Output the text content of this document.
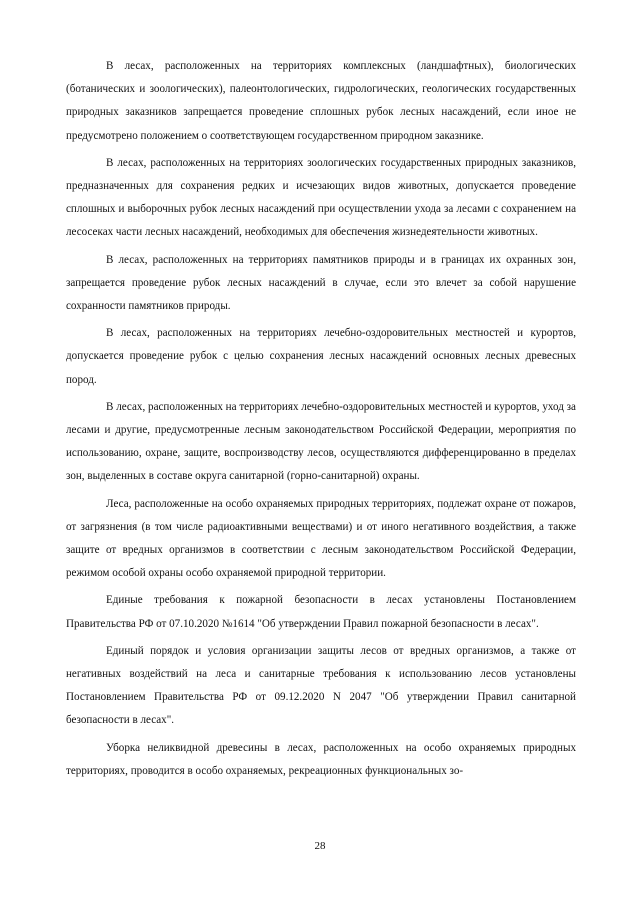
В лесах, расположенных на территориях комплексных (ландшафтных), биологических (ботанических и зоологических), палеонтологических, гидрологических, геологических государственных природных заказников запрещается проведение сплошных рубок лесных насаждений, если иное не предусмотрено положением о соответствующем государственном природном заказнике.

В лесах, расположенных на территориях зоологических государственных природных заказников, предназначенных для сохранения редких и исчезающих видов животных, допускается проведение сплошных и выборочных рубок лесных насаждений при осуществлении ухода за лесами с сохранением на лесосеках части лесных насаждений, необходимых для обеспечения жизнедеятельности животных.

В лесах, расположенных на территориях памятников природы и в границах их охранных зон, запрещается проведение рубок лесных насаждений в случае, если это влечет за собой нарушение сохранности памятников природы.

В лесах, расположенных на территориях лечебно-оздоровительных местностей и курортов, допускается проведение рубок с целью сохранения лесных насаждений основных лесных древесных пород.

В лесах, расположенных на территориях лечебно-оздоровительных местностей и курортов, уход за лесами и другие, предусмотренные лесным законодательством Российской Федерации, мероприятия по использованию, охране, защите, воспроизводству лесов, осуществляются дифференцированно в пределах зон, выделенных в составе округа санитарной (горно-санитарной) охраны.

Леса, расположенные на особо охраняемых природных территориях, подлежат охране от пожаров, от загрязнения (в том числе радиоактивными веществами) и от иного негативного воздействия, а также защите от вредных организмов в соответствии с лесным законодательством Российской Федерации, режимом особой охраны особо охраняемой природной территории.

Единые требования к пожарной безопасности в лесах установлены Постановлением Правительства РФ от 07.10.2020 №1614 "Об утверждении Правил пожарной безопасности в лесах".

Единый порядок и условия организации защиты лесов от вредных организмов, а также от негативных воздействий на леса и санитарные требования к использованию лесов установлены Постановлением Правительства РФ от 09.12.2020 N 2047 "Об утверждении Правил санитарной безопасности в лесах".

Уборка неликвидной древесины в лесах, расположенных на особо охраняемых природных территориях, проводится в особо охраняемых, рекреационных функциональных зо-

28
